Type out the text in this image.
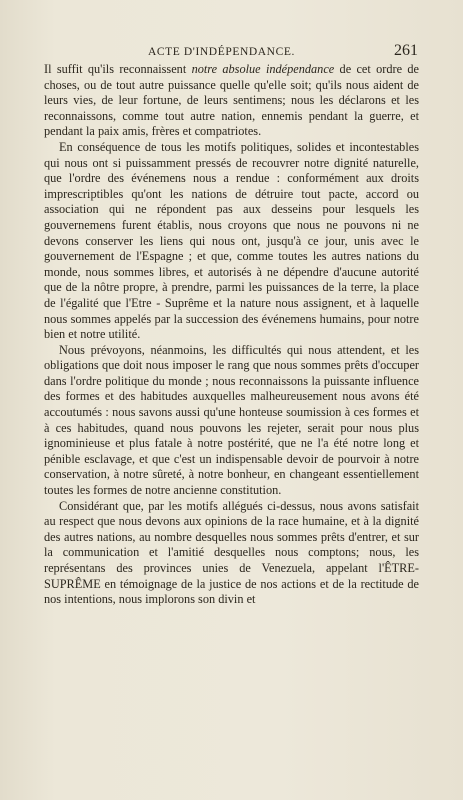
ACTE D'INDÉPENDANCE.	261

Il suffit qu'ils reconnaissent notre absolue indépendance de cet ordre de choses, ou de tout autre puissance quelle qu'elle soit; qu'ils nous aident de leurs vies, de leur fortune, de leurs sentimens; nous les déclarons et les reconnaissons, comme tout autre nation, ennemis pendant la guerre, et pendant la paix amis, frères et compatriotes.

En conséquence de tous les motifs politiques, solides et incontestables qui nous ont si puissamment pressés de recouvrer notre dignité naturelle, que l'ordre des événemens nous a rendue : conformément aux droits imprescriptibles qu'ont les nations de détruire tout pacte, accord ou association qui ne répondent pas aux desseins pour lesquels les gouvernemens furent établis, nous croyons que nous ne pouvons ni ne devons conserver les liens qui nous ont, jusqu'à ce jour, unis avec le gouvernement de l'Espagne ; et que, comme toutes les autres nations du monde, nous sommes libres, et autorisés à ne dépendre d'aucune autorité que de la nôtre propre, à prendre, parmi les puissances de la terre, la place de l'égalité que l'Etre - Suprême et la nature nous assignent, et à laquelle nous sommes appelés par la succession des événemens humains, pour notre bien et notre utilité.

Nous prévoyons, néanmoins, les difficultés qui nous attendent, et les obligations que doit nous imposer le rang que nous sommes prêts d'occuper dans l'ordre politique du monde ; nous reconnaissons la puissante influence des formes et des habitudes auxquelles malheureusement nous avons été accoutumés : nous savons aussi qu'une honteuse soumission à ces formes et à ces habitudes, quand nous pouvons les rejeter, serait pour nous plus ignominieuse et plus fatale à notre postérité, que ne l'a été notre long et pénible esclavage, et que c'est un indispensable devoir de pourvoir à notre conservation, à notre sûreté, à notre bonheur, en changeant essentiellement toutes les formes de notre ancienne constitution.

Considérant que, par les motifs allégués ci-dessus, nous avons satisfait au respect que nous devons aux opinions de la race humaine, et à la dignité des autres nations, au nombre desquelles nous sommes prêts d'entrer, et sur la communication et l'amitié desquelles nous comptons; nous, les représentans des provinces unies de Venezuela, appelant l'ÊTRE-SUPRÊME en témoignage de la justice de nos actions et de la rectitude de nos intentions, nous implorons son divin et
